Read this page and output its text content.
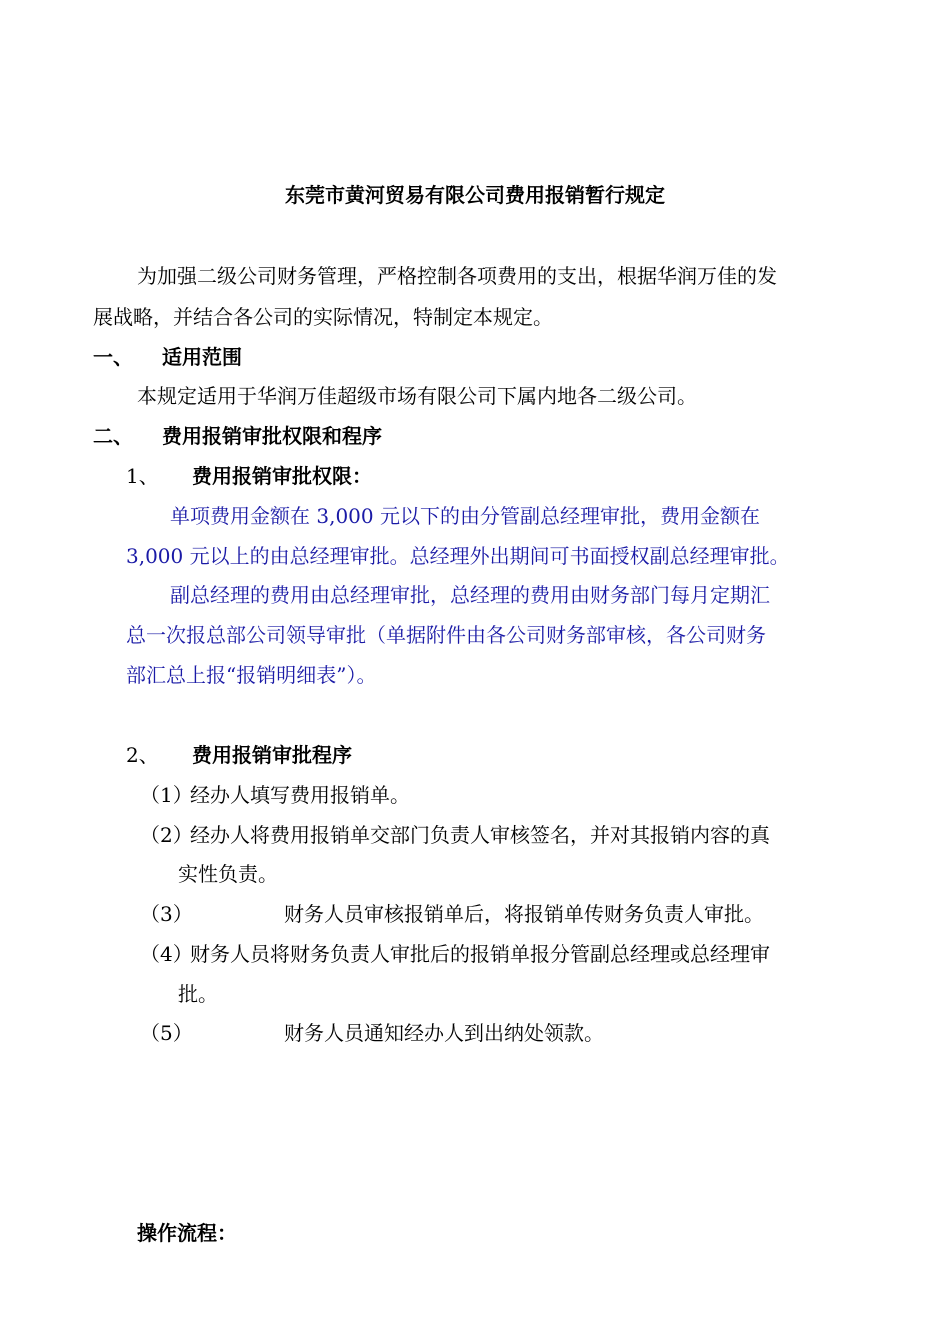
东莞市黄河贸易有限公司费用报销暂行规定
为加强二级公司财务管理，严格控制各项费用的支出，根据华润万佳的发
展战略，并结合各公司的实际情况，特制定本规定。
一、 适用范围
本规定适用于华润万佳超级市场有限公司下属内地各二级公司。
二、 费用报销审批权限和程序
1、 费用报销审批权限：
单项费用金额在 3,000 元以下的由分管副总经理审批，费用金额在
3,000 元以上的由总经理审批。总经理外出期间可书面授权副总经理审批。
副总经理的费用由总经理审批，总经理的费用由财务部门每月定期汇
总一次报总部公司领导审批（单据附件由各公司财务部审核，各公司财务
部汇总上报“报销明细表”）。
2、 费用报销审批程序
（1）
经办人填写费用报销单。
（2）
经办人将费用报销单交部门负责人审核签名，并对其报销内容的真
实性负责。
（3）	财务人员审核报销单后，将报销单传财务负责人审批。
（4）
财务人员将财务负责人审批后的报销单报分管副总经理或总经理审
批。
（5）	财务人员通知经办人到出纳处领款。
操作流程：
